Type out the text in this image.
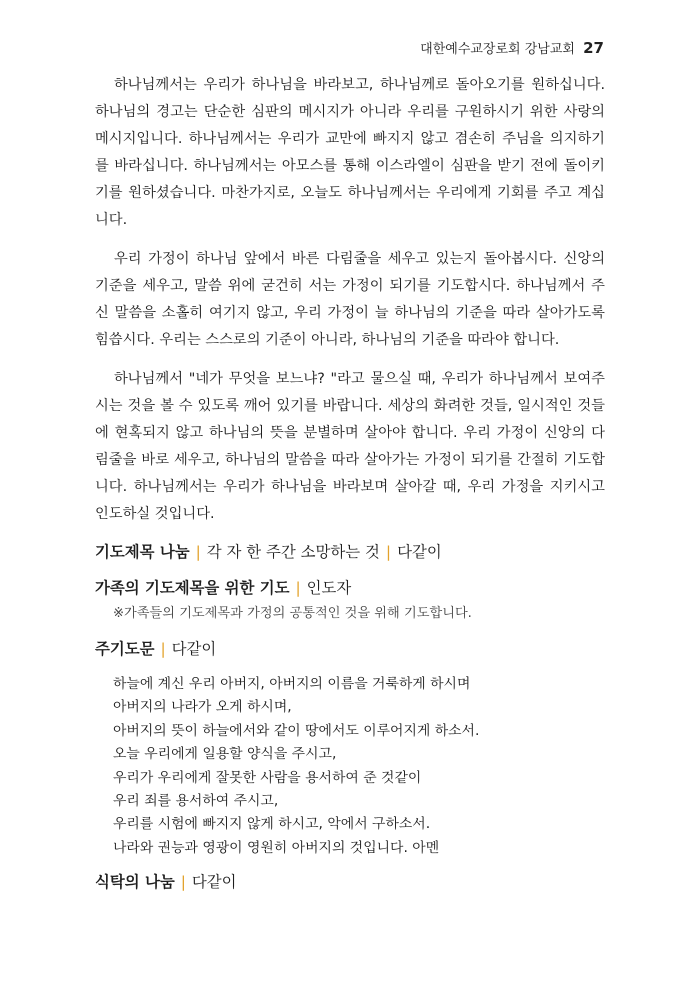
대한예수교장로회 강남교회 27

하나님께서는 우리가 하나님을 바라보고, 하나님께로 돌아오기를 원하십니다. 하나님의 경고는 단순한 심판의 메시지가 아니라 우리를 구원하시기 위한 사랑의 메시지입니다. 하나님께서는 우리가 교만에 빠지지 않고 겸손히 주님을 의지하기를 바라십니다. 하나님께서는 아모스를 통해 이스라엘이 심판을 받기 전에 돌이키기를 원하셨습니다. 마찬가지로, 오늘도 하나님께서는 우리에게 기회를 주고 계십니다.

우리 가정이 하나님 앞에서 바른 다림줄을 세우고 있는지 돌아봅시다. 신앙의 기준을 세우고, 말씀 위에 굳건히 서는 가정이 되기를 기도합시다. 하나님께서 주신 말씀을 소홀히 여기지 않고, 우리 가정이 늘 하나님의 기준을 따라 살아가도록 힘씁시다. 우리는 스스로의 기준이 아니라, 하나님의 기준을 따라야 합니다.

하나님께서 "네가 무엇을 보느냐? "라고 물으실 때, 우리가 하나님께서 보여주시는 것을 볼 수 있도록 깨어 있기를 바랍니다. 세상의 화려한 것들, 일시적인 것들에 현혹되지 않고 하나님의 뜻을 분별하며 살아야 합니다. 우리 가정이 신앙의 다림줄을 바로 세우고, 하나님의 말씀을 따라 살아가는 가정이 되기를 간절히 기도합니다. 하나님께서는 우리가 하나님을 바라보며 살아갈 때, 우리 가정을 지키시고 인도하실 것입니다.

기도제목 나눔 | 각 자 한 주간 소망하는 것 | 다같이
가족의 기도제목을 위한 기도 | 인도자
※가족들의 기도제목과 가정의 공통적인 것을 위해 기도합니다.
주기도문 | 다같이
하늘에 계신 우리 아버지, 아버지의 이름을 거룩하게 하시며
아버지의 나라가 오게 하시며,
아버지의 뜻이 하늘에서와 같이 땅에서도 이루어지게 하소서.
오늘 우리에게 일용할 양식을 주시고,
우리가 우리에게 잘못한 사람을 용서하여 준 것같이
우리 죄를 용서하여 주시고,
우리를 시험에 빠지지 않게 하시고, 악에서 구하소서.
나라와 권능과 영광이 영원히 아버지의 것입니다. 아멘
식탁의 나눔 | 다같이
